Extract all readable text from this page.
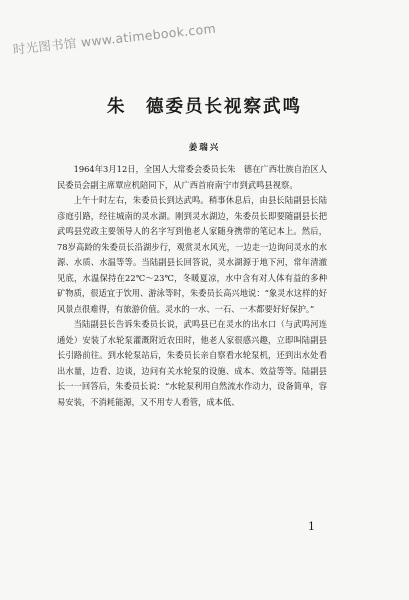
时光图书馆 www.atimebook.com
朱　德委员长视察武鸣
姜瑞兴

1964年3月12日，全国人大常委会委员长朱　德在广西壮族自治区人民委员会副主席覃应机陪同下，从广西首府南宁市到武鸣县视察。

上午十时左右，朱委员长到达武鸣。稍事休息后，由县长陆副县长陆彦庭引路，经往城南的灵水湖。刚到灵水湖边，朱委员长即要随副县长把武鸣县党政主要领导人的名字写到他老人家随身携带的笔记本上。然后，78岁高龄的朱委员长沿湖步行，观赏灵水风光，一边走一边询问灵水的水源、水质、水温等等。当陆副县长回答说，灵水湖源于地下河，常年清澈见底，水温保持在22℃～23℃，冬暖夏凉，水中含有对人体有益的多种矿物质，很适宜于饮用、游泳等时，朱委员长高兴地说：“象灵水这样的好风景点很难得，有旅游价值。灵水的一水、一石、一木都要好好保护。”

当陆副县长告诉朱委员长说，武鸣县已在灵水的出水口（与武鸣河连通处）安装了水轮泵灌溉附近农田时，他老人家很感兴趣，立即叫陆副县长引路前往。到水轮泵站后，朱委员长亲自察看水轮泵机，还到出水处看出水量，边看、边谈，边问有关水轮泵的设施、成本、效益等等。陆副县长一一回答后，朱委员长说：“水轮泵利用自然流水作动力，设备简单，容易安装，不消耗能源，又不用专人看管，成本低、

1
